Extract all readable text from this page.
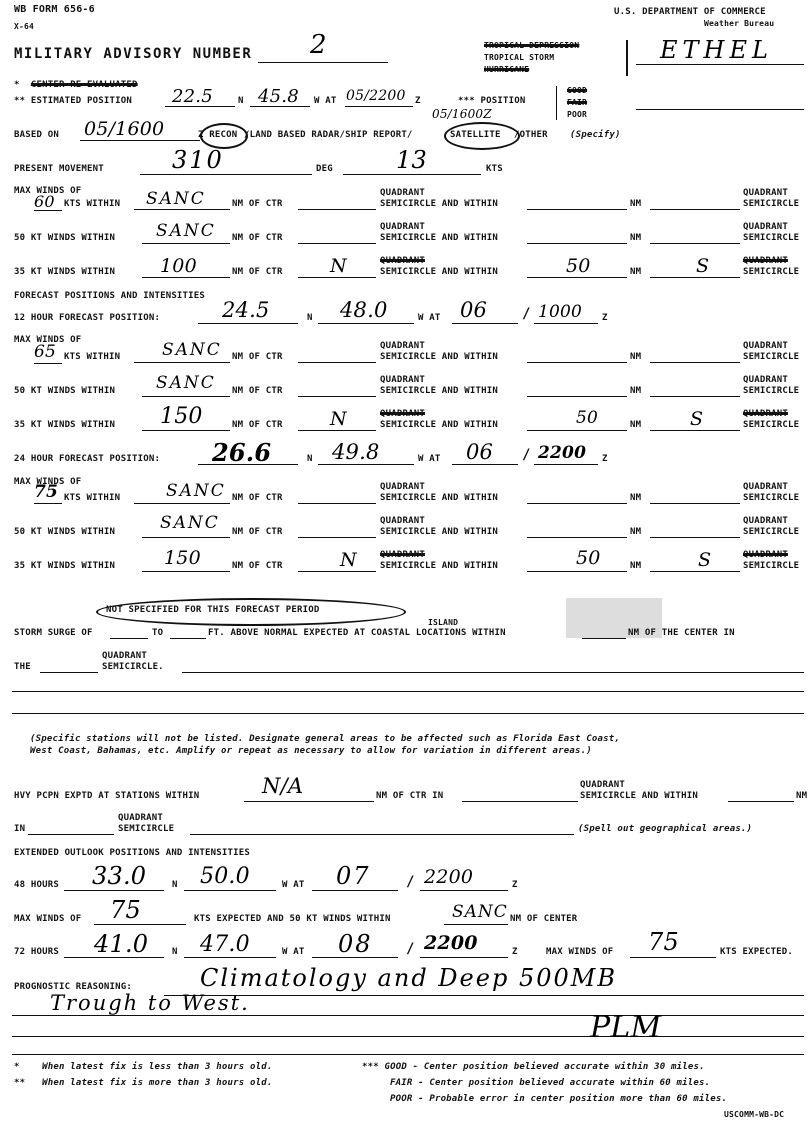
WB FORM 656-6
X-64
U.S. DEPARTMENT OF COMMERCE
Weather Bureau
MILITARY ADVISORY NUMBER 2	TROPICAL DEPRESSION
TROPICAL STORM
HURRICANE
ETHEL
*  CENTER RE-EVALUATED
** ESTIMATED POSITION 22.5	N 45.8 W AT 05/2200 Z
05/1600Z
*** POSITION
GOOD
FAIR
POOR
BASED ON 05/1600	Z RECON /LAND BASED RADAR/SHIP REPORT/	SATELLITE /OTHER (Specify)
PRESENT MOVEMENT	310	DEG	13	KTS
MAX WINDS OF
60 KTS WITHIN SANC	NM OF CTR
QUADRANT
SEMICIRCLE AND WITHIN	NM
QUADRANT
SEMICIRCLE
50 KT WINDS WITHIN SANC NM OF CTR
QUADRANT
SEMICIRCLE AND WITHIN	NM
QUADRANT
SEMICIRCLE
35 KT WINDS WITHIN 100	NM OF CTR N	QUADRANT
SEMICIRCLE AND WITHIN	50	NM	S	QUADRANT
SEMICIRCLE
FORECAST POSITIONS AND INTENSITIES
12 HOUR FORECAST POSITION:	24.5	N 48.0	W AT 06 / 1000 Z
MAX WINDS OF
65 KTS WITHIN SANC NM OF CTR
QUADRANT
SEMICIRCLE AND WITHIN	NM
QUADRANT
SEMICIRCLE
50 KT WINDS WITHIN SANC NM OF CTR
QUADRANT
SEMICIRCLE AND WITHIN	NM
QUADRANT
SEMICIRCLE
35 KT WINDS WITHIN 150	NM OF CTR N	QUADRANT
SEMICIRCLE AND WITHIN	50	NM	S	QUADRANT
SEMICIRCLE
24 HOUR FORECAST POSITION: 26.6	N 49.8	W AT 06 / 2200 Z
MAX WINDS OF
75 KTS WITHIN	SANC NM OF CTR
QUADRANT
SEMICIRCLE AND WITHIN	NM
QUADRANT
SEMICIRCLE
50 KT WINDS WITHIN	SANC NM OF CTR
QUADRANT
SEMICIRCLE AND WITHIN	NM
QUADRANT
SEMICIRCLE
35 KT WINDS WITHIN	150	NM OF CTR	N	QUADRANT
SEMICIRCLE AND WITHIN	50	NM	S	QUADRANT
SEMICIRCLE
NOT SPECIFIED FOR THIS FORECAST PERIOD
ISLAND
STORM SURGE OF	TO	FT. ABOVE NORMAL EXPECTED AT COASTAL LOCATIONS WITHIN	NM OF THE CENTER IN
THE
QUADRANT
SEMICIRCLE.
(Specific stations will not be listed. Designate general areas to be affected such as Florida East Coast,
West Coast, Bahamas, etc. Amplify or repeat as necessary to allow for variation in different areas.)
HVY PCPN EXPTD AT STATIONS WITHIN	N/A	NM OF CTR IN
QUADRANT
SEMICIRCLE AND WITHIN	NM
IN
QUADRANT
SEMICIRCLE	(Spell out geographical areas.)
EXTENDED OUTLOOK POSITIONS AND INTENSITIES
48 HOURS 33.0	N 50.0	W AT 07	/ 2200	Z
MAX WINDS OF 75	KTS EXPECTED AND 50 KT WINDS WITHIN	SANC NM OF CENTER
72 HOURS 41.0	N 47.0	W AT 08 / 2200	Z	MAX WINDS OF 75	KTS EXPECTED.
PROGNOSTIC REASONING:	Climatology and Deep 500MB
Trough to West.
PLM
* When latest fix is less than 3 hours old.
** When latest fix is more than 3 hours old.
*** GOOD - Center position believed accurate within 30 miles.
FAIR - Center position believed accurate within 60 miles.
POOR - Probable error in center position more than 60 miles.
USCOMM-WB-DC
